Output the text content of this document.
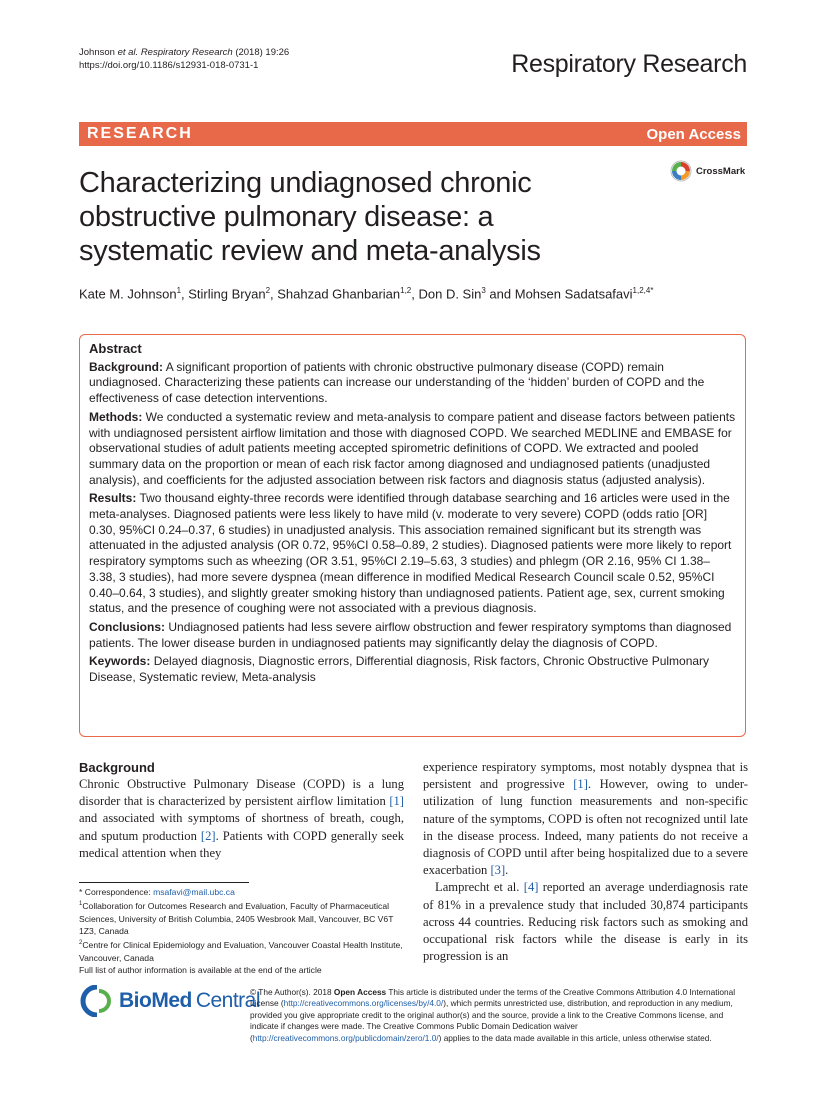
Johnson et al. Respiratory Research (2018) 19:26
https://doi.org/10.1186/s12931-018-0731-1	Respiratory Research
RESEARCH	Open Access
CrossMark
Characterizing undiagnosed chronic
obstructive pulmonary disease: a
systematic review and meta-analysis
Kate M. Johnson$^1$, Stirling Bryan$^2$, Shahzad Ghanbarian$^{1,2}$, Don D. Sin$^3$ and Mohsen Sadatsafavi$^{1,2,4*}$
Abstract

Background: A significant proportion of patients with chronic obstructive pulmonary disease (COPD) remain undiagnosed. Characterizing these patients can increase our understanding of the ‘hidden’ burden of COPD and the effectiveness of case detection interventions.

Methods: We conducted a systematic review and meta-analysis to compare patient and disease factors between patients with undiagnosed persistent airflow limitation and those with diagnosed COPD. We searched MEDLINE and EMBASE for observational studies of adult patients meeting accepted spirometric definitions of COPD. We extracted and pooled summary data on the proportion or mean of each risk factor among diagnosed and undiagnosed patients (unadjusted analysis), and coefficients for the adjusted association between risk factors and diagnosis status (adjusted analysis).

Results: Two thousand eighty-three records were identified through database searching and 16 articles were used in the meta-analyses. Diagnosed patients were less likely to have mild (v. moderate to very severe) COPD (odds ratio [OR] 0.30, 95%CI 0.24–0.37, 6 studies) in unadjusted analysis. This association remained significant but its strength was attenuated in the adjusted analysis (OR 0.72, 95%CI 0.58–0.89, 2 studies). Diagnosed patients were more likely to report respiratory symptoms such as wheezing (OR 3.51, 95%CI 2.19–5.63, 3 studies) and phlegm (OR 2.16, 95% CI 1.38–3.38, 3 studies), had more severe dyspnea (mean difference in modified Medical Research Council scale 0.52, 95%CI 0.40–0.64, 3 studies), and slightly greater smoking history than undiagnosed patients. Patient age, sex, current smoking status, and the presence of coughing were not associated with a previous diagnosis.

Conclusions: Undiagnosed patients had less severe airflow obstruction and fewer respiratory symptoms than diagnosed patients. The lower disease burden in undiagnosed patients may significantly delay the diagnosis of COPD.

Keywords: Delayed diagnosis, Diagnostic errors, Differential diagnosis, Risk factors, Chronic Obstructive Pulmonary Disease, Systematic review, Meta-analysis

Background

Chronic Obstructive Pulmonary Disease (COPD) is a lung disorder that is characterized by persistent airflow limitation [1] and associated with symptoms of shortness of breath, cough, and sputum production [2]. Patients with COPD generally seek medical attention when they

experience respiratory symptoms, most notably dyspnea that is persistent and progressive [1]. However, owing to under-utilization of lung function measurements and non-specific nature of the symptoms, COPD is often not recognized until late in the disease process. Indeed, many patients do not receive a diagnosis of COPD until after being hospitalized due to a severe exacerbation [3].

Lamprecht et al. [4] reported an average underdiagnosis rate of 81% in a prevalence study that included 30,874 participants across 44 countries. Reducing risk factors such as smoking and occupational risk factors while the disease is early in its progression is an

* Correspondence: msafavi@mail.ubc.ca
$^1$Collaboration for Outcomes Research and Evaluation, Faculty of Pharmaceutical Sciences, University of British Columbia, 2405 Wesbrook Mall, Vancouver, BC V6T 1Z3, Canada
$^2$Centre for Clinical Epidemiology and Evaluation, Vancouver Coastal Health Institute, Vancouver, Canada
Full list of author information is available at the end of the article
BioMed Central
© The Author(s). 2018 Open Access This article is distributed under the terms of the Creative Commons Attribution 4.0 International License (http://creativecommons.org/licenses/by/4.0/), which permits unrestricted use, distribution, and reproduction in any medium, provided you give appropriate credit to the original author(s) and the source, provide a link to the Creative Commons license, and indicate if changes were made. The Creative Commons Public Domain Dedication waiver (http://creativecommons.org/publicdomain/zero/1.0/) applies to the data made available in this article, unless otherwise stated.
